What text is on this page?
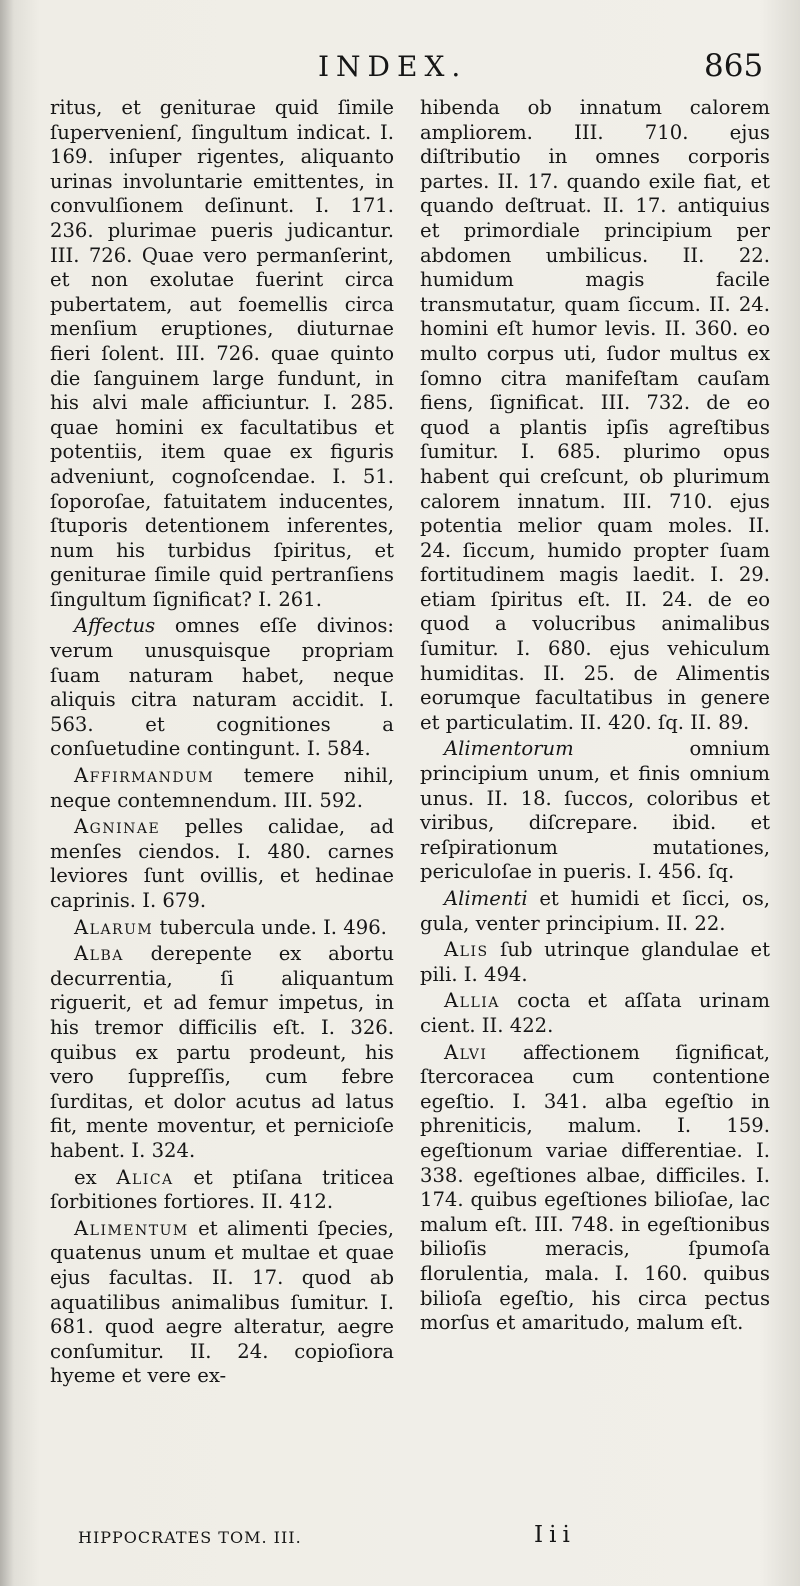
INDEX.	865

ritus, et geniturae quid ſimile ſupervenienſ, ſingultum indicat. I. 169. inſuper rigentes, aliquanto urinas involuntarie emittentes, in convulſionem deſinunt. I. 171. 236. plurimae pueris judicantur. III. 726. Quae vero permanſerint, et non exolutae fuerint circa pubertatem, aut foemellis circa menſium eruptiones, diuturnae fieri ſolent. III. 726. quae quinto die ſanguinem large fundunt, in his alvi male afficiuntur. I. 285. quae homini ex facultatibus et potentiis, item quae ex figuris adveniunt, cognoſcendae. I. 51. ſoporoſae, fatuitatem inducentes, ſtuporis detentionem inferentes, num his turbidus ſpiritus, et geniturae ſimile quid pertranſiens ſingultum ſignificat? I. 261.

Affectus omnes eſſe divinos: verum unusquisque propriam ſuam naturam habet, neque aliquis citra naturam accidit. I. 563. et cognitiones a conſuetudine contingunt. I. 584.

Affirmandum temere nihil, neque contemnendum. III. 592.

Agninae pelles calidae, ad menſes ciendos. I. 480. carnes leviores ſunt ovillis, et hedinae caprinis. I. 679.

Alarum tubercula unde. I. 496.

Alba derepente ex abortu decurrentia, ſi aliquantum riguerit, et ad femur impetus, in his tremor difficilis eſt. I. 326. quibus ex partu prodeunt, his vero ſuppreſſis, cum febre ſurditas, et dolor acutus ad latus fit, mente moventur, et pernicioſe habent. I. 324.

ex Alica et ptiſana triticea ſorbitiones fortiores. II. 412.

Alimentum et alimenti ſpecies, quatenus unum et multae et quae ejus facultas. II. 17. quod ab aquatilibus animalibus ſumitur. I. 681. quod aegre alteratur, aegre conſumitur. II. 24. copioſiora hyeme et vere ex-

hibenda ob innatum calorem ampliorem. III. 710. ejus diſtributio in omnes corporis partes. II. 17. quando exile fiat, et quando deſtruat. II. 17. antiquius et primordiale principium per abdomen umbilicus. II. 22. humidum magis facile transmutatur, quam ſiccum. II. 24. homini eſt humor levis. II. 360. eo multo corpus uti, ſudor multus ex ſomno citra manifeſtam cauſam fiens, ſignificat. III. 732. de eo quod a plantis ipſis agreſtibus ſumitur. I. 685. plurimo opus habent qui creſcunt, ob plurimum calorem innatum. III. 710. ejus potentia melior quam moles. II. 24. ſiccum, humido propter ſuam fortitudinem magis laedit. I. 29. etiam ſpiritus eſt. II. 24. de eo quod a volucribus animalibus ſumitur. I. 680. ejus vehiculum humiditas. II. 25. de Alimentis eorumque facultatibus in genere et particulatim. II. 420. ſq. II. 89.

Alimentorum omnium principium unum, et finis omnium unus. II. 18. ſuccos, coloribus et viribus, diſcrepare. ibid. et reſpirationum mutationes, periculoſae in pueris. I. 456. ſq.

Alimenti et humidi et ſicci, os, gula, venter principium. II. 22.

Alis ſub utrinque glandulae et pili. I. 494.

Allia cocta et aſſata urinam cient. II. 422.

Alvi affectionem ſignificat, ſtercoracea cum contentione egeſtio. I. 341. alba egeſtio in phreniticis, malum. I. 159. egeſtionum variae differentiae. I. 338. egeſtiones albae, difficiles. I. 174. quibus egeſtiones bilioſae, lac malum eſt. III. 748. in egeſtionibus bilioſis meracis, ſpumoſa florulentia, mala. I. 160. quibus bilioſa egeſtio, his circa pectus morſus et amaritudo, malum eſt.

HIPPOCRATES TOM. III.	Iii
